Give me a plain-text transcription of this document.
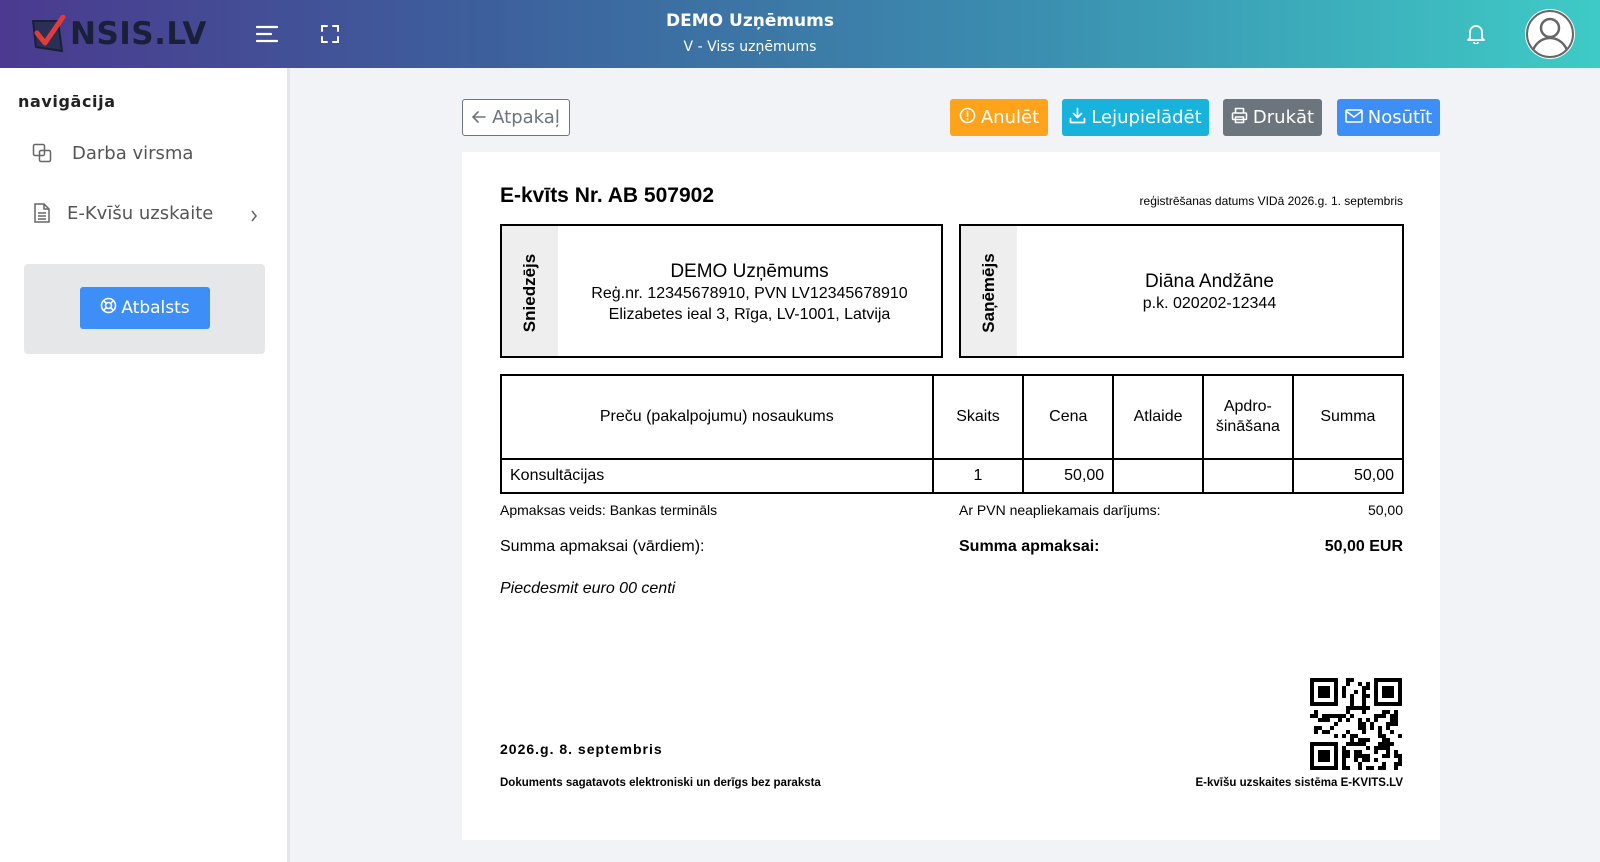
NSIS.LV	DEMO Uzņēmums
V - Viss uzņēmums
navigācija
Darba virsma
E-Kvīšu uzskaite
Atbalsts
Atpakaļ	Anulēt	Lejupielādēt	Drukāt	Nosūtīt
E-kvīts Nr. AB 507902	reģistrēšanas datums VIDā 2026.g. 1. septembris
Sniedzējs	DEMO Uzņēmums
Reģ.nr. 12345678910, PVN LV12345678910
Elizabetes ieal 3, Rīga, LV-1001, Latvija	Saņēmējs	Diāna Andžāne
p.k. 020202-12344
Preču (pakalpojumu) nosaukums	Skaits	Cena	Atlaide	Apdro-
šināšana	Summa
Konsultācijas	1	50,00			50,00
Apmaksas veids: Bankas termināls	Ar PVN neapliekamais darījums:	50,00
Summa apmaksai (vārdiem):	Summa apmaksai:	50,00 EUR
Piecdesmit euro 00 centi
2026.g. 8. septembris
Dokuments sagatavots elektroniski un derīgs bez paraksta	E-kvīšu uzskaites sistēma E-KVITS.LV
